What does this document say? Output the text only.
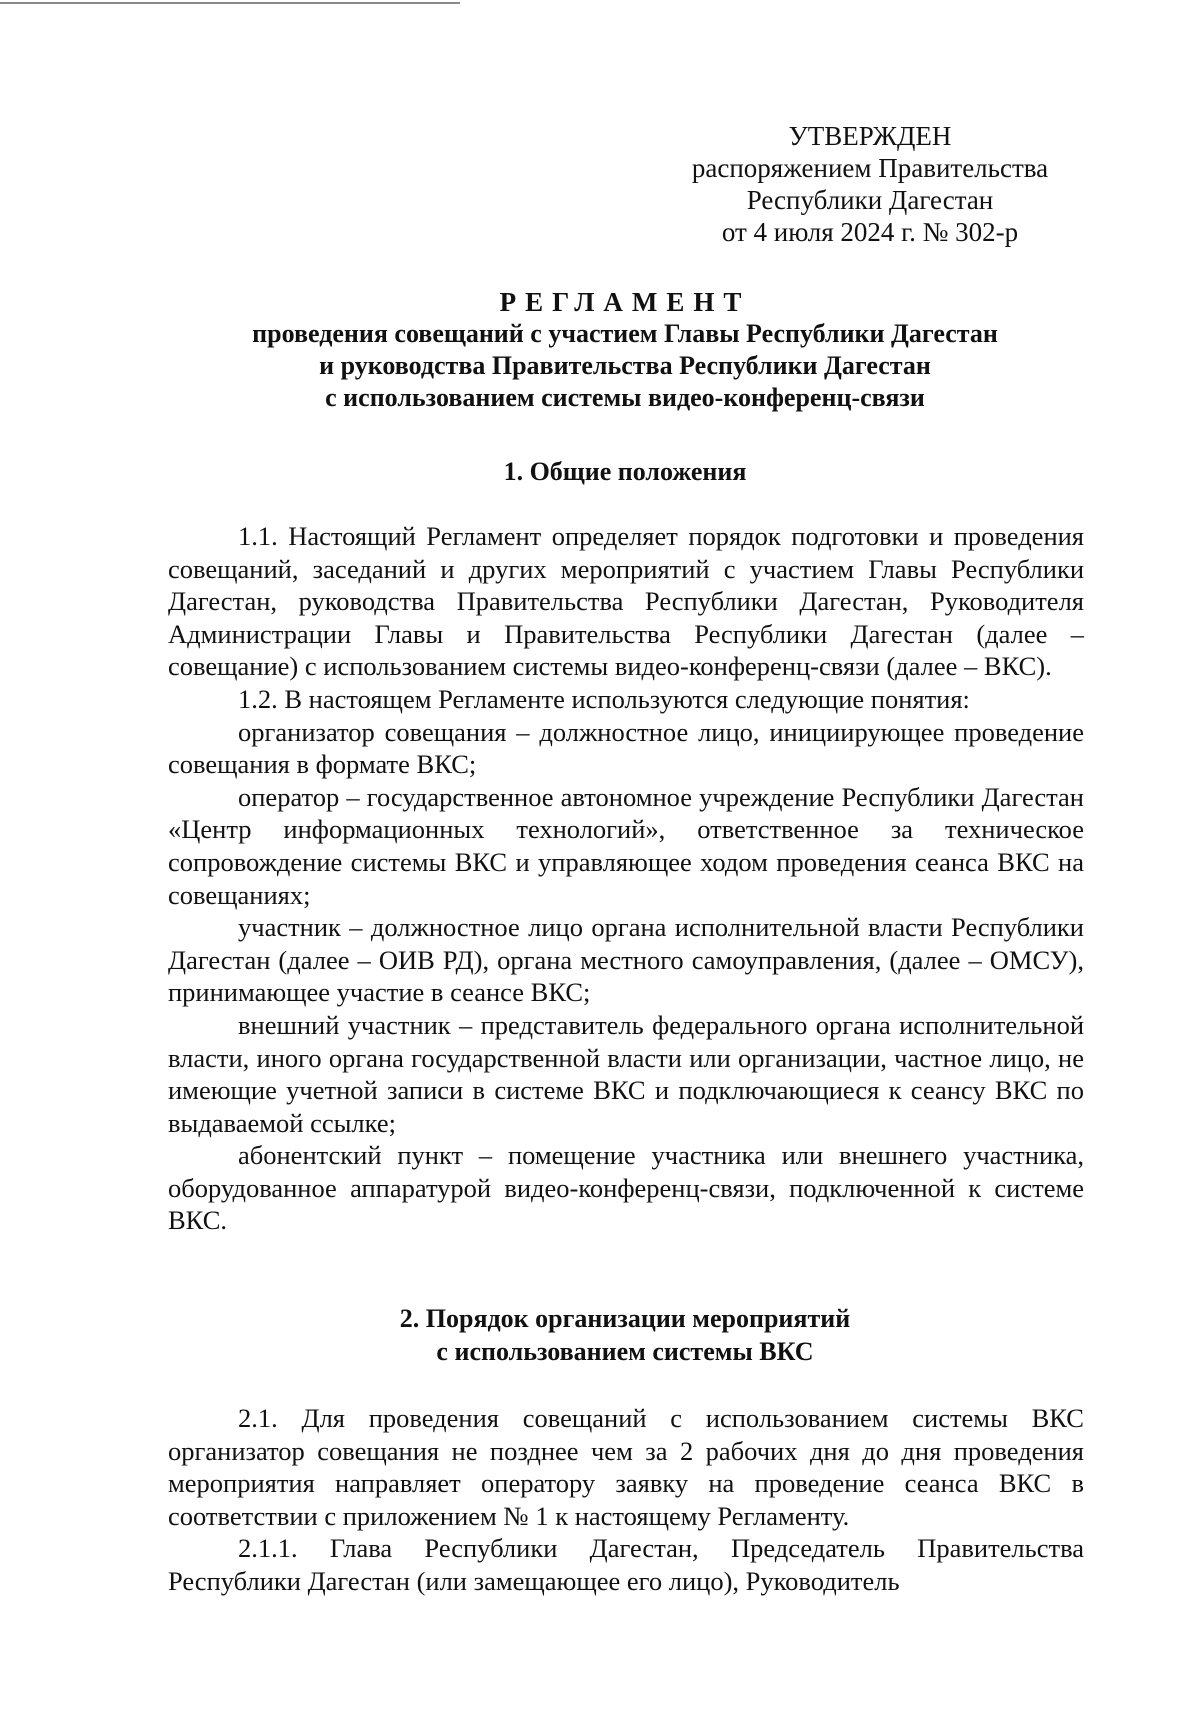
УТВЕРЖДЕН
распоряжением Правительства
Республики Дагестан
от 4 июля 2024 г. № 302-р
РЕГЛАМЕНТ
проведения совещаний с участием Главы Республики Дагестан
и руководства Правительства Республики Дагестан
с использованием системы видео-конференц-связи
1. Общие положения

1.1. Настоящий Регламент определяет порядок подготовки и проведения совещаний, заседаний и других мероприятий с участием Главы Республики Дагестан, руководства Правительства Республики Дагестан, Руководителя Администрации Главы и Правительства Республики Дагестан (далее – совещание) с использованием системы видео-конференц-связи (далее – ВКС).

1.2. В настоящем Регламенте используются следующие понятия:

организатор совещания – должностное лицо, инициирующее проведение совещания в формате ВКС;

оператор – государственное автономное учреждение Республики Дагестан «Центр информационных технологий», ответственное за техническое сопровождение системы ВКС и управляющее ходом проведения сеанса ВКС на совещаниях;

участник – должностное лицо органа исполнительной власти Республики Дагестан (далее – ОИВ РД), органа местного самоуправления, (далее – ОМСУ), принимающее участие в сеансе ВКС;

внешний участник – представитель федерального органа исполнительной власти, иного органа государственной власти или организации, частное лицо, не имеющие учетной записи в системе ВКС и подключающиеся к сеансу ВКС по выдаваемой ссылке;

абонентский пункт – помещение участника или внешнего участника, оборудованное аппаратурой видео-конференц-связи, подключенной к системе ВКС.

2. Порядок организации мероприятий
с использованием системы ВКС

2.1. Для проведения совещаний с использованием системы ВКС организатор совещания не позднее чем за 2 рабочих дня до дня проведения мероприятия направляет оператору заявку на проведение сеанса ВКС в соответствии с приложением № 1 к настоящему Регламенту.

2.1.1. Глава Республики Дагестан, Председатель Правительства Республики Дагестан (или замещающее его лицо), Руководитель
